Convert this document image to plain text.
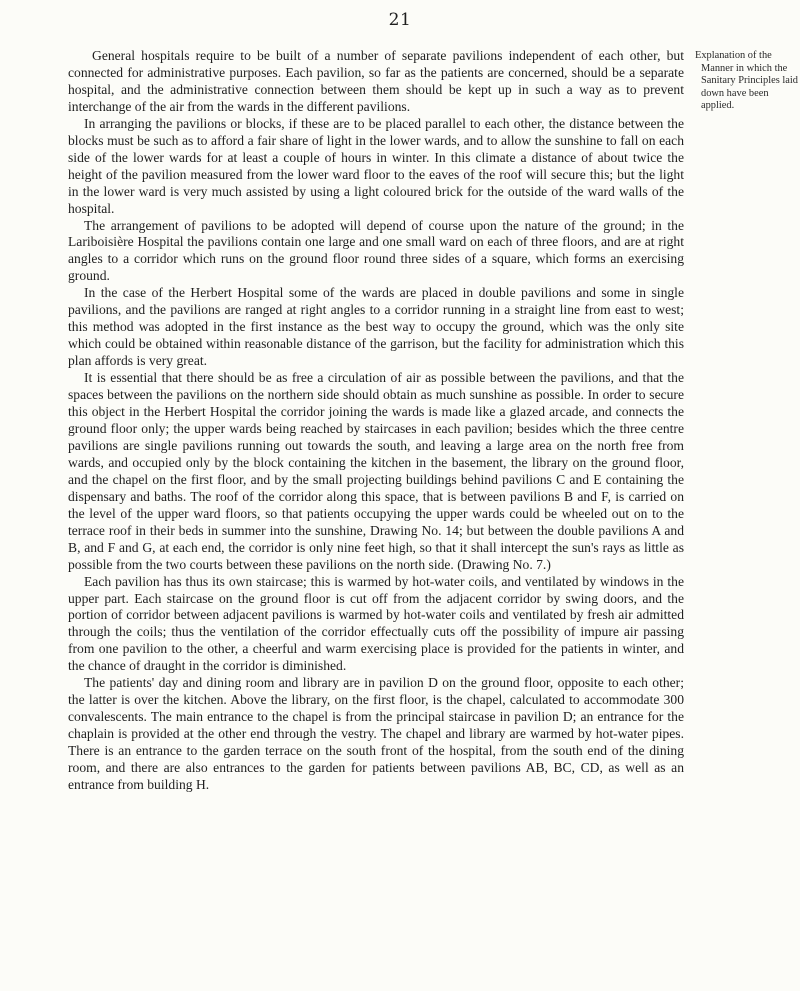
21

General hospitals require to be built of a number of separate pavilions independent of each other, but connected for administrative purposes. Each pavilion, so far as the patients are concerned, should be a separate hospital, and the administrative connection between them should be kept up in such a way as to prevent interchange of the air from the wards in the different pavilions.

In arranging the pavilions or blocks, if these are to be placed parallel to each other, the distance between the blocks must be such as to afford a fair share of light in the lower wards, and to allow the sunshine to fall on each side of the lower wards for at least a couple of hours in winter. In this climate a distance of about twice the height of the pavilion measured from the lower ward floor to the eaves of the roof will secure this; but the light in the lower ward is very much assisted by using a light coloured brick for the outside of the ward walls of the hospital.

The arrangement of pavilions to be adopted will depend of course upon the nature of the ground; in the Lariboisière Hospital the pavilions contain one large and one small ward on each of three floors, and are at right angles to a corridor which runs on the ground floor round three sides of a square, which forms an exercising ground.

In the case of the Herbert Hospital some of the wards are placed in double pavilions and some in single pavilions, and the pavilions are ranged at right angles to a corridor running in a straight line from east to west; this method was adopted in the first instance as the best way to occupy the ground, which was the only site which could be obtained within reasonable distance of the garrison, but the facility for administration which this plan affords is very great.

It is essential that there should be as free a circulation of air as possible between the pavilions, and that the spaces between the pavilions on the northern side should obtain as much sunshine as possible. In order to secure this object in the Herbert Hospital the corridor joining the wards is made like a glazed arcade, and connects the ground floor only; the upper wards being reached by staircases in each pavilion; besides which the three centre pavilions are single pavilions running out towards the south, and leaving a large area on the north free from wards, and occupied only by the block containing the kitchen in the basement, the library on the ground floor, and the chapel on the first floor, and by the small projecting buildings behind pavilions C and E containing the dispensary and baths. The roof of the corridor along this space, that is between pavilions B and F, is carried on the level of the upper ward floors, so that patients occupying the upper wards could be wheeled out on to the terrace roof in their beds in summer into the sunshine, Drawing No. 14; but between the double pavilions A and B, and F and G, at each end, the corridor is only nine feet high, so that it shall intercept the sun's rays as little as possible from the two courts between these pavilions on the north side. (Drawing No. 7.)

Each pavilion has thus its own staircase; this is warmed by hot-water coils, and ventilated by windows in the upper part. Each staircase on the ground floor is cut off from the adjacent corridor by swing doors, and the portion of corridor between adjacent pavilions is warmed by hot-water coils and ventilated by fresh air admitted through the coils; thus the ventilation of the corridor effectually cuts off the possibility of impure air passing from one pavilion to the other, a cheerful and warm exercising place is provided for the patients in winter, and the chance of draught in the corridor is diminished.

The patients' day and dining room and library are in pavilion D on the ground floor, opposite to each other; the latter is over the kitchen. Above the library, on the first floor, is the chapel, calculated to accommodate 300 convalescents. The main entrance to the chapel is from the principal staircase in pavilion D; an entrance for the chaplain is provided at the other end through the vestry. The chapel and library are warmed by hot-water pipes. There is an entrance to the garden terrace on the south front of the hospital, from the south end of the dining room, and there are also entrances to the garden for patients between pavilions AB, BC, CD, as well as an entrance from building H.

Explanation of the Manner in which the Sanitary Principles laid down have been applied.
